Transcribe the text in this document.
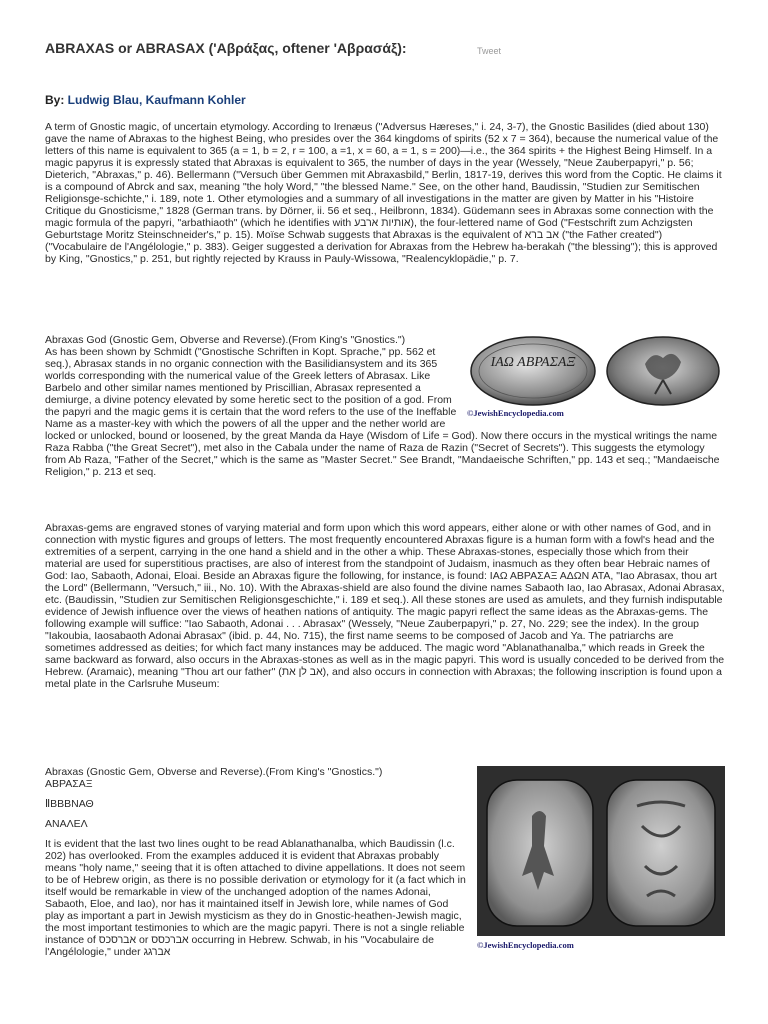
ABRAXAS or ABRASAX ('Αβράξας, oftener 'Αβρασάξ):	Tweet
By: Ludwig Blau, Kaufmann Kohler

A term of Gnostic magic, of uncertain etymology. According to Irenæus ("Adversus Hæreses," i. 24, 3-7), the Gnostic Basilides (died about 130) gave the name of Abraxas to the highest Being, who presides over the 364 kingdoms of spirits (52 x 7 = 364), because the numerical value of the letters of this name is equivalent to 365 (a = 1, b = 2, r = 100, a =1, x = 60, a = 1, s = 200)—i.e., the 364 spirits + the Highest Being Himself. In a magic papyrus it is expressly stated that Abraxas is equivalent to 365, the number of days in the year (Wessely, "Neue Zauberpapyri," p. 56; Dieterich, "Abraxas," p. 46). Bellermann ("Versuch über Gemmen mit Abraxasbild," Berlin, 1817-19, derives this word from the Coptic. He claims it is a compound of Abrck and sax, meaning "the holy Word," "the blessed Name." See, on the other hand, Baudissin, "Studien zur Semitischen Religionsge-schichte," i. 189, note 1. Other etymologies and a summary of all investigations in the matter are given by Matter in his "Histoire Critique du Gnosticisme," 1828 (German trans. by Dörner, ii. 56 et seq., Heilbronn, 1834). Güdemann sees in Abraxas some connection with the magic formula of the papyri, "arbathiaoth" (which he identifies with אותיות ארבע), the four-lettered name of God ("Festschrift zum Achzigsten Geburtstage Moritz Steinschneider's," p. 15). Moïse Schwab suggests that Abraxas is the equivalent of אב ברא ("the Father created") ("Vocabulaire de l'Angélologie," p. 383). Geiger suggested a derivation for Abraxas from the Hebrew ha-berakah ("the blessing"); this is approved by King, "Gnostics," p. 251, but rightly rejected by Krauss in Pauly-Wissowa, "Realencyklopädie," p. 7.

ΙΑΩ ΑΒΡΑΣΑΞ
©JewishEncyclopedia.com

Abraxas God (Gnostic Gem, Obverse and Reverse).(From King's "Gnostics.")

As has been shown by Schmidt ("Gnostische Schriften in Kopt. Sprache," pp. 562 et seq.), Abrasax stands in no organic connection with the Basilidiansystem and its 365 worlds corresponding with the numerical value of the Greek letters of Abrasax. Like Barbelo and other similar names mentioned by Priscillian, Abrasax represented a demiurge, a divine potency elevated by some heretic sect to the position of a god. From the papyri and the magic gems it is certain that the word refers to the use of the Ineffable Name as a master-key with which the powers of all the upper and the nether world are locked or unlocked, bound or loosened, by the great Manda da Haye (Wisdom of Life = God). Now there occurs in the mystical writings the name Raza Rabba ("the Great Secret"), met also in the Cabala under the name of Raza de Razin ("Secret of Secrets"). This suggests the etymology from Ab Raza, "Father of the Secret," which is the same as "Master Secret." See Brandt, "Mandaeische Schriften," pp. 143 et seq.; "Mandaeische Religion," p. 213 et seq.

Abraxas-gems are engraved stones of varying material and form upon which this word appears, either alone or with other names of God, and in connection with mystic figures and groups of letters. The most frequently encountered Abraxas figure is a human form with a fowl's head and the extremities of a serpent, carrying in the one hand a shield and in the other a whip. These Abraxas-stones, especially those which from their material are used for superstitious practises, are also of interest from the standpoint of Judaism, inasmuch as they often bear Hebraic names of God: Iao, Sabaoth, Adonai, Eloai. Beside an Abraxas figure the following, for instance, is found: ΙΑΩ ΑΒΡΑΣΑΞ ΑΔΩΝ ΑΤΑ, "Iao Abrasax, thou art the Lord" (Bellermann, "Versuch," iii., No. 10). With the Abraxas-shield are also found the divine names Sabaoth Iao, Iao Abrasax, Adonai Abrasax, etc. (Baudissin, "Studien zur Semitischen Religionsgeschichte," i. 189 et seq.). All these stones are used as amulets, and they furnish indisputable evidence of Jewish influence over the views of heathen nations of antiquity. The magic papyri reflect the same ideas as the Abraxas-gems. The following example will suffice: "Iao Sabaoth, Adonai . . . Abrasax" (Wessely, "Neue Zauberpapyri," p. 27, No. 229; see the index). In the group "Iakoubia, Iaosabaoth Adonai Abrasax" (ibid. p. 44, No. 715), the first name seems to be composed of Jacob and Ya. The patriarchs are sometimes addressed as deities; for which fact many instances may be adduced. The magic word "Ablanathanalba," which reads in Greek the same backward as forward, also occurs in the Abraxas-stones as well as in the magic papyri. This word is usually conceded to be derived from the Hebrew. (Aramaic), meaning "Thou art our father" (אב לן את), and also occurs in connection with Abraxas; the following inscription is found upon a metal plate in the Carlsruhe Museum:

©JewishEncyclopedia.com

Abraxas (Gnostic Gem, Obverse and Reverse).(From King's "Gnostics.")

ΑΒΡΑΣΑΞ

ⅡΒΒΒΝΑΘ

ΑΝΑΛΕΛ

It is evident that the last two lines ought to be read Ablanathanalba, which Baudissin (l.c. 202) has overlooked. From the examples adduced it is evident that Abraxas probably means "holy name," seeing that it is often attached to divine appellations. It does not seem to be of Hebrew origin, as there is no possible derivation or etymology for it (a fact which in itself would be remarkable in view of the unchanged adoption of the names Adonai, Sabaoth, Eloe, and Iao), nor has it maintained itself in Jewish lore, while names of God play as important a part in Jewish mysticism as they do in Gnostic-heathen-Jewish magic, the most important testimonies to which are the magic papyri. There is not a single reliable instance of אברסכס or אברכסס occurring in Hebrew. Schwab, in his "Vocabulaire de l'Angélologie," under אברגג
